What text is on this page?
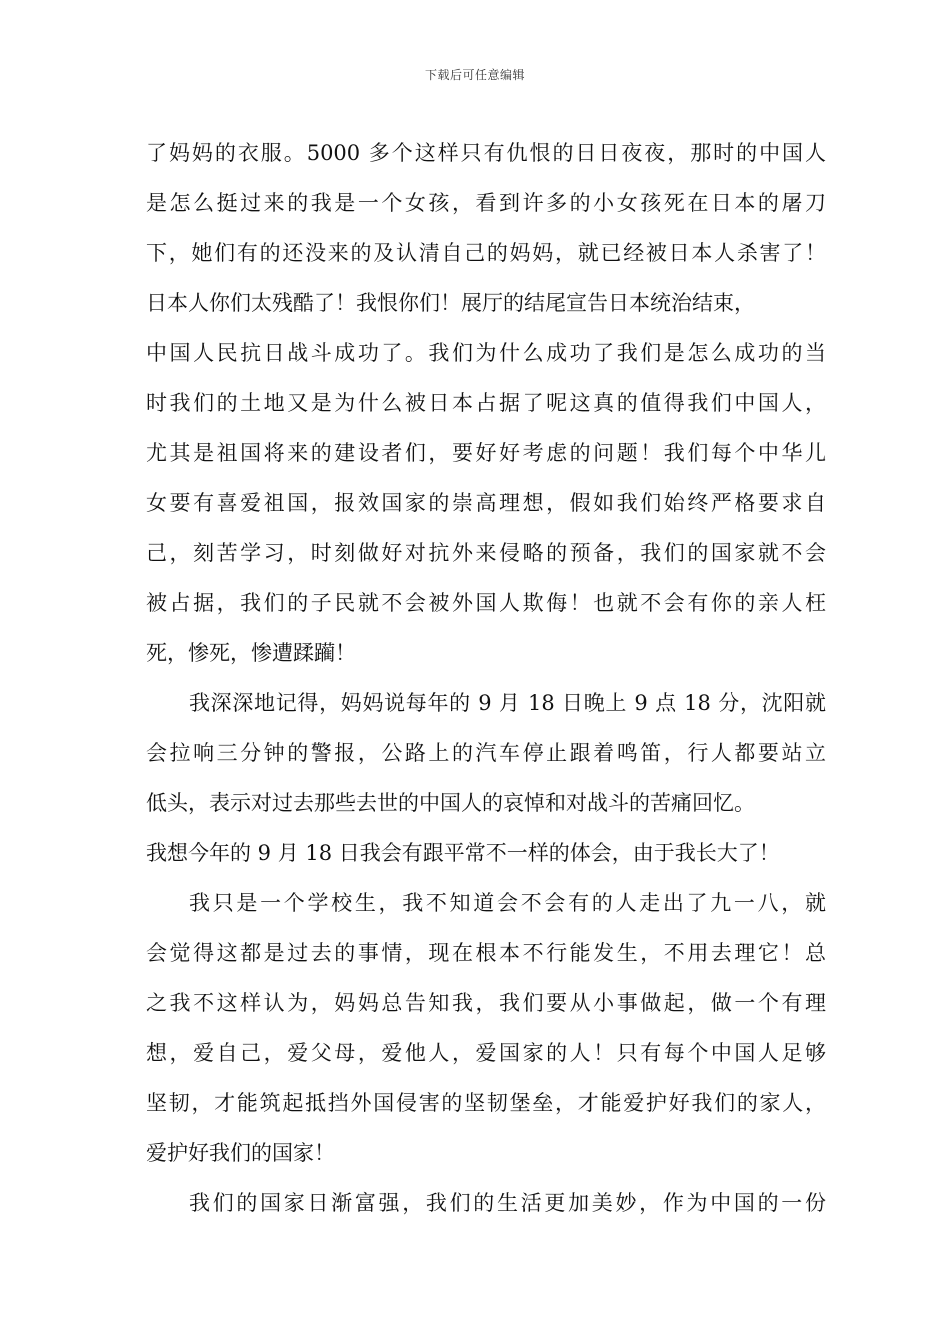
下载后可任意编辑
了妈妈的衣服。5000 多个这样只有仇恨的日日夜夜，那时的中国人
是怎么挺过来的我是一个女孩，看到许多的小女孩死在日本的屠刀
下，她们有的还没来的及认清自己的妈妈，就已经被日本人杀害了！
日本人你们太残酷了！我恨你们！展厅的结尾宣告日本统治结束，
中国人民抗日战斗成功了。我们为什么成功了我们是怎么成功的当
时我们的土地又是为什么被日本占据了呢这真的值得我们中国人，
尤其是祖国将来的建设者们，要好好考虑的问题！我们每个中华儿
女要有喜爱祖国，报效国家的崇高理想，假如我们始终严格要求自
己，刻苦学习，时刻做好对抗外来侵略的预备，我们的国家就不会
被占据，我们的子民就不会被外国人欺侮！也就不会有你的亲人枉
死，惨死，惨遭蹂躏！
我深深地记得，妈妈说每年的 9 月 18 日晚上 9 点 18 分，沈阳就
会拉响三分钟的警报，公路上的汽车停止跟着鸣笛，行人都要站立
低头，表示对过去那些去世的中国人的哀悼和对战斗的苦痛回忆。
我想今年的 9 月 18 日我会有跟平常不一样的体会，由于我长大了！
我只是一个学校生，我不知道会不会有的人走出了九一八，就
会觉得这都是过去的事情，现在根本不行能发生，不用去理它！总
之我不这样认为，妈妈总告知我，我们要从小事做起，做一个有理
想，爱自己，爱父母，爱他人，爱国家的人！只有每个中国人足够
坚韧，才能筑起抵挡外国侵害的坚韧堡垒，才能爱护好我们的家人，
爱护好我们的国家！
我们的国家日渐富强，我们的生活更加美妙，作为中国的一份
